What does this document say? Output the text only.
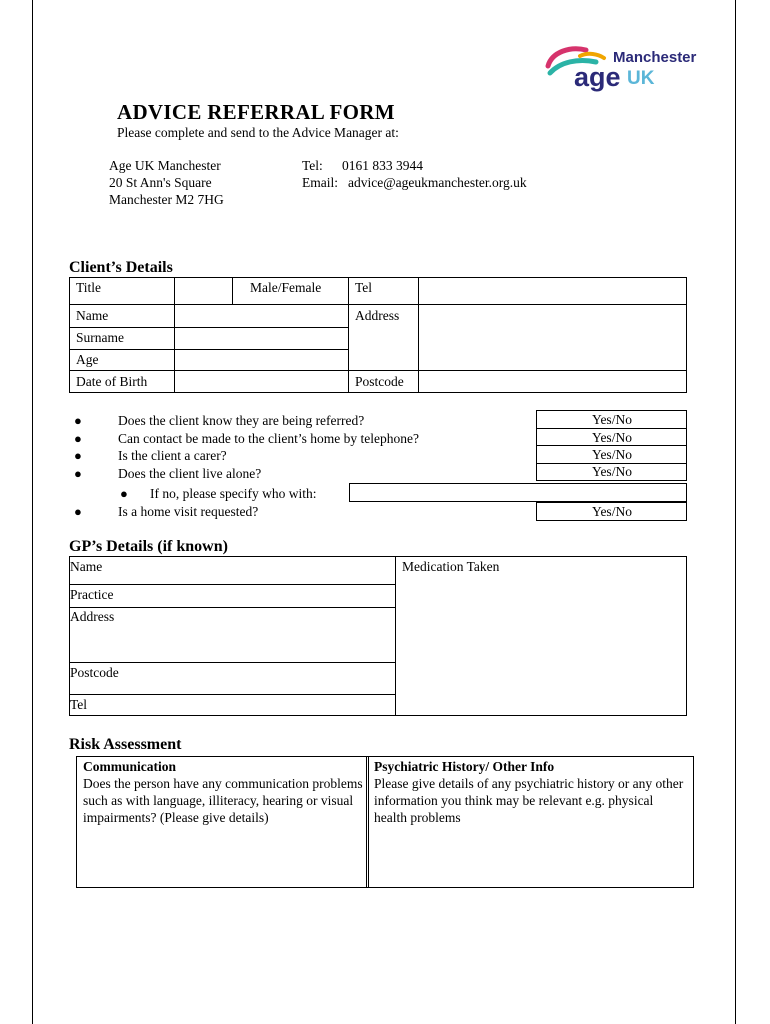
Manchester
age UK
ADVICE REFERRAL FORM
Please complete and send to the Advice Manager at:
Age UK Manchester
20 St Ann's Square
Manchester M2 7HG
Tel: 0161 833 3944
Email: advice@ageukmanchester.org.uk
Client’s Details
Title	Male/Female	Tel
Name	Address
Surname
Age
Date of Birth	Postcode
●	Does the client know they are being referred?	Yes/No
●	Can contact be made to the client’s home by telephone?	Yes/No
●	Is the client a carer?	Yes/No
●	Does the client live alone?	Yes/No
● If no, please specify who with:
●	Is a home visit requested?	Yes/No
GP’s Details (if known)
Name	Medication Taken
Practice
Address
Postcode
Tel
Risk Assessment
Communication
Does the person have any communication problems such as with language, illiteracy, hearing or visual impairments? (Please give details)
Psychiatric History/ Other Info
Please give details of any psychiatric history or any other information you think may be relevant e.g. physical health problems
